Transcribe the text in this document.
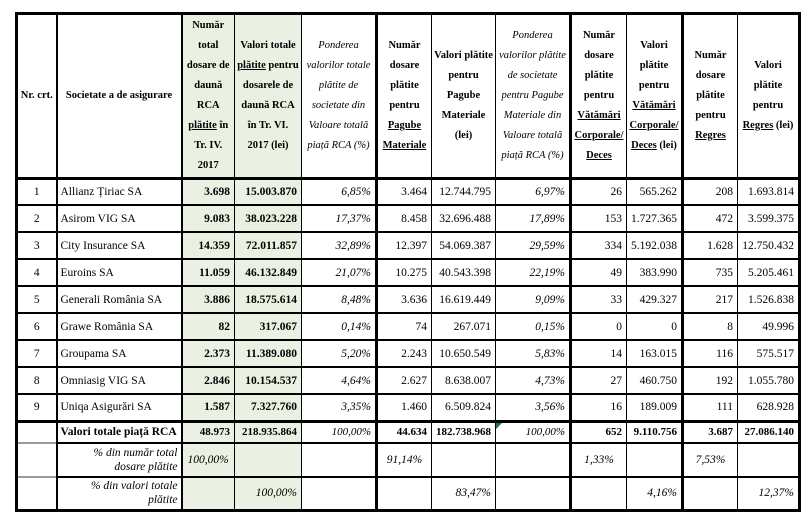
Nr. crt.	Societate a de asigurare	Număr total dosare de daună RCA plătite în Tr. IV. 2017	Valori totale plătite pentru dosarele de daună RCA în Tr. VI. 2017 (lei)	Ponderea valorilor totale plătite de societate din Valoare totală piață RCA (%)	Număr dosare plătite pentru Pagube Materiale	Valori plătite pentru Pagube Materiale (lei)	Ponderea valorilor plătite de societate pentru Pagube Materiale din Valoare totală piață RCA (%)	Număr dosare plătite pentru Vătămări Corporale/ Deces	Valori plătite pentru Vătămări Corporale/ Deces (lei)	Număr dosare plătite pentru Regres	Valori plătite pentru Regres (lei)
1	Allianz Țiriac SA	3.698	15.003.870	6,85%	3.464	12.744.795	6,97%	26	565.262	208	1.693.814
2	Asirom VIG SA	9.083	38.023.228	17,37%	8.458	32.696.488	17,89%	153	1.727.365	472	3.599.375
3	City Insurance SA	14.359	72.011.857	32,89%	12.397	54.069.387	29,59%	334	5.192.038	1.628	12.750.432
4	Euroins SA	11.059	46.132.849	21,07%	10.275	40.543.398	22,19%	49	383.990	735	5.205.461
5	Generali România SA	3.886	18.575.614	8,48%	3.636	16.619.449	9,09%	33	429.327	217	1.526.838
6	Grawe România SA	82	317.067	0,14%	74	267.071	0,15%	0	0	8	49.996
7	Groupama SA	2.373	11.389.080	5,20%	2.243	10.650.549	5,83%	14	163.015	116	575.517
8	Omniasig VIG SA	2.846	10.154.537	4,64%	2.627	8.638.007	4,73%	27	460.750	192	1.055.780
9	Uniqa Asigurări SA	1.587	7.327.760	3,35%	1.460	6.509.824	3,56%	16	189.009	111	628.928
	Valori totale piață RCA	48.973	218.935.864	100,00%	44.634	182.738.968	100,00%	652	9.110.756	3.687	27.086.140
	% din număr total dosare plătite	100,00%			91,14%			1,33%		7,53%	
	% din valori totale plătite		100,00%			83,47%			4,16%		12,37%
